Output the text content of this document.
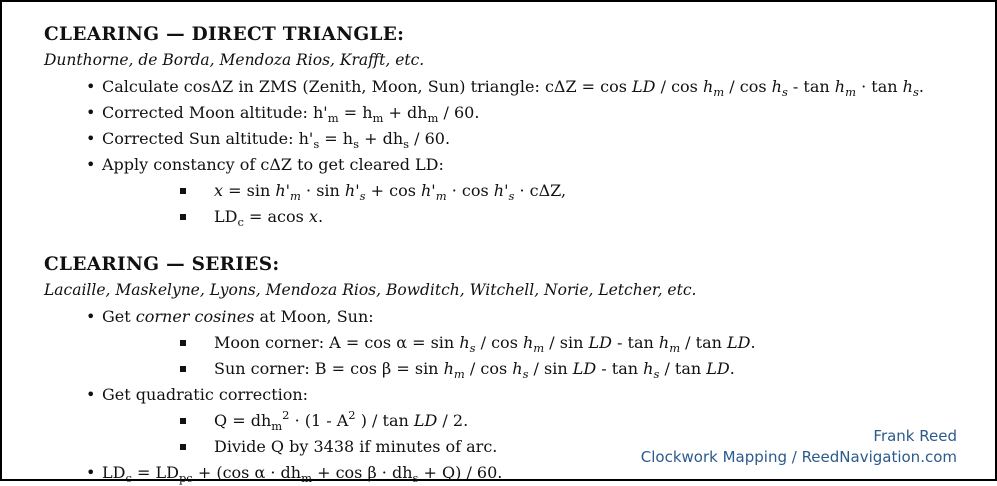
CLEARING — DIRECT TRIANGLE:
Dunthorne, de Borda, Mendoza Rios, Krafft, etc.
• Calculate cosΔZ in ZMS (Zenith, Moon, Sun) triangle: cΔZ = cos LD / $\cos h_m / \cos h_s - \tan h_m \cdot \tan h_s$.
• Corrected Moon altitude: $h'_m = h_m + dh_m / 60$.
• Corrected Sun altitude: $h'_s = h_s + dh_s / 60$.
• Apply constancy of cΔZ to get cleared LD:
$x = \sin h'_m \cdot \sin h'_s + \cos h'_m \cdot \cos h'_s \cdot c\Delta Z$,
$LD_c = acos$ x.
CLEARING — SERIES:
Lacaille, Maskelyne, Lyons, Mendoza Rios, Bowditch, Witchell, Norie, Letcher, etc.
• Get corner cosines at Moon, Sun:
Moon corner: $A = \cos \alpha = \sin h_s / \cos h_m / \sin$ LD - $\tan h_m$ / tan LD.
Sun corner: $B = \cos \beta = \sin h_m / \cos h_s / \sin$ LD - $\tan h_s$ / tan LD.
• Get quadratic correction:
$Q = dh_m^2 \cdot (1 - A^2$ ) / tan LD / 2.
Divide Q by 3438 if minutes of arc.
• $LD_c = LD_{pc} + (\cos$ $\alpha \cdot dh_m + \cos \beta \cdot dh_s + Q) / 60$.
Frank Reed
Clockwork Mapping / ReedNavigation.com
